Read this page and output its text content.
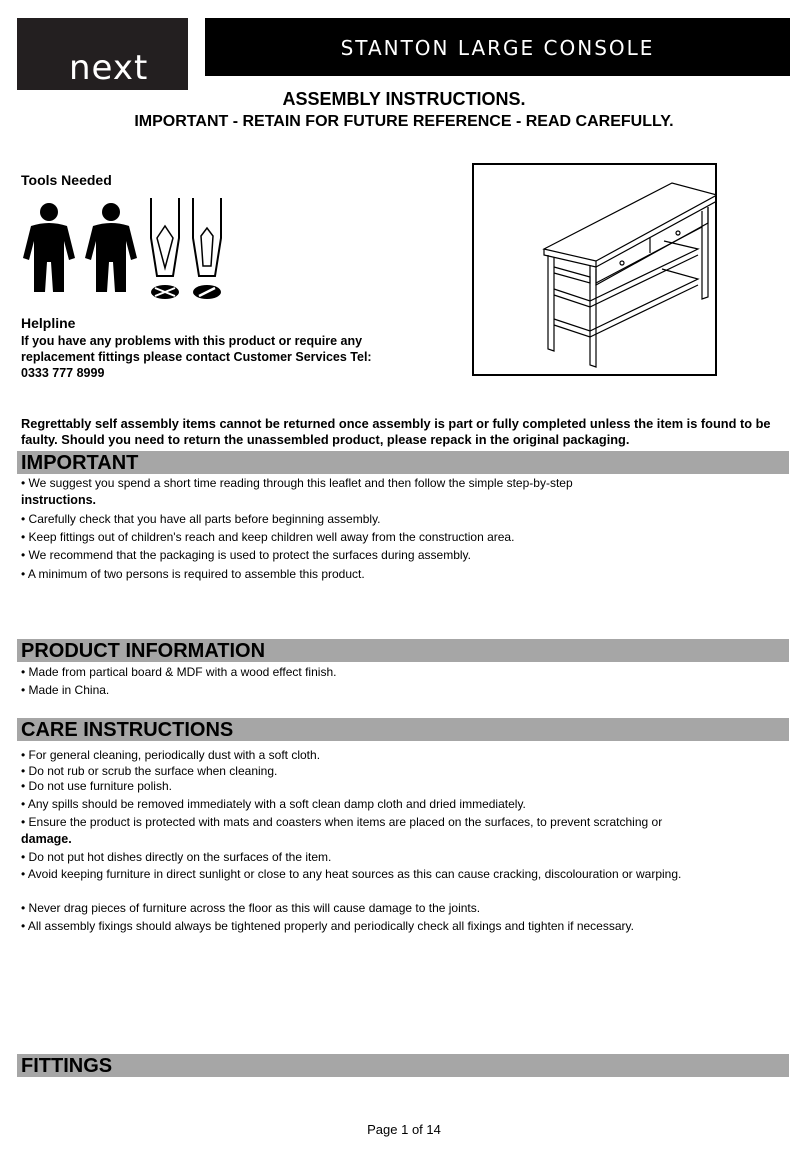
next	STANTON LARGE CONSOLE
ASSEMBLY INSTRUCTIONS.
IMPORTANT - RETAIN FOR FUTURE REFERENCE - READ CAREFULLY.
Tools Needed
Helpline
If you have any problems with this product or require any
replacement fittings please contact Customer Services Tel:
0333 777 8999
Regrettably self assembly items cannot be returned once assembly is part or fully completed unless the item is found to be
faulty. Should you need to return the unassembled product, please repack in the original packaging.
IMPORTANT
• We suggest you spend a short time reading through this leaflet and then follow the simple step-by-step
instructions.
• Carefully check that you have all parts before beginning assembly.
• Keep fittings out of children's reach and keep children well away from the construction area.
• We recommend that the packaging is used to protect the surfaces during assembly.
• A minimum of two persons is required to assemble this product.
PRODUCT INFORMATION
• Made from partical board & MDF with a wood effect finish.
• Made in China.
CARE INSTRUCTIONS
• For general cleaning, periodically dust with a soft cloth.
• Do not rub or scrub the surface when cleaning.
• Do not use furniture polish.
• Any spills should be removed immediately with a soft clean damp cloth and dried immediately.
• Ensure the product is protected with mats and coasters when items are placed on the surfaces, to prevent scratching or
damage.
• Do not put hot dishes directly on the surfaces of the item.
• Avoid keeping furniture in direct sunlight or close to any heat sources as this can cause cracking, discolouration or warping.
• Never drag pieces of furniture across the floor as this will cause damage to the joints.
• All assembly fixings should always be tightened properly and periodically check all fixings and tighten if necessary.
FITTINGS
Page 1 of 14
